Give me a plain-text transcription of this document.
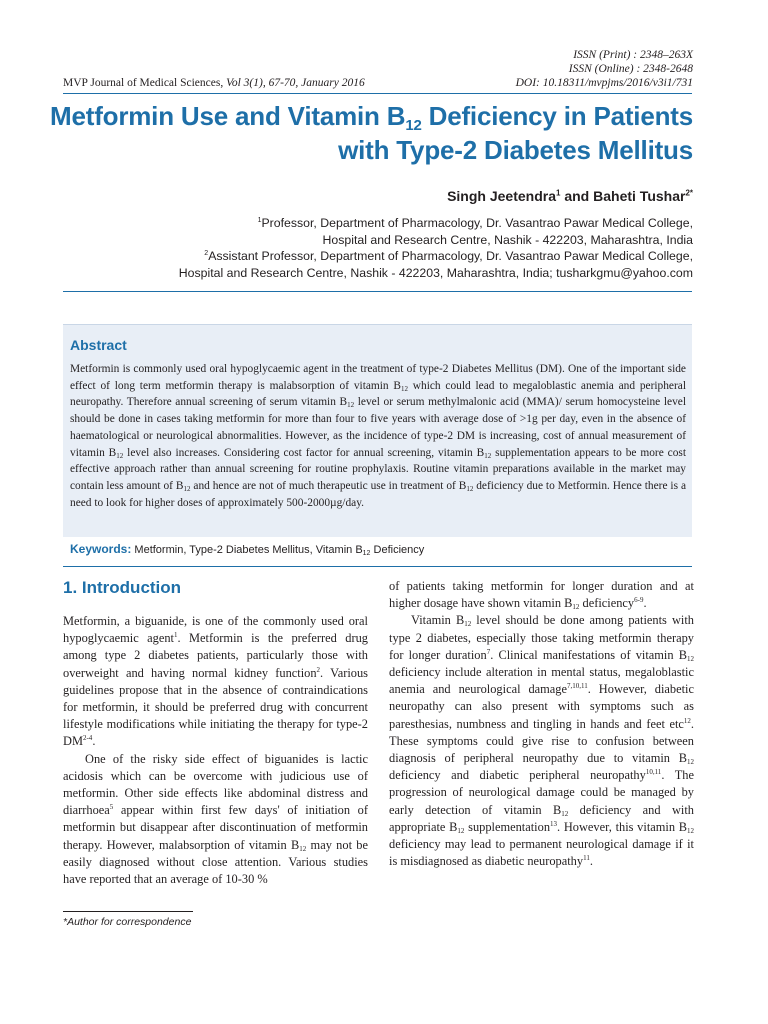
ISSN (Print) : 2348–263X
ISSN (Online) : 2348-2648
DOI: 10.18311/mvpjms/2016/v3i1/731
MVP Journal of Medical Sciences, Vol 3(1), 67-70, January 2016
Metformin Use and Vitamin $B_{12}$ Deficiency in Patients
with Type-2 Diabetes Mellitus
Singh Jeetendra$^1$ and Baheti Tushar$^{2*}$
$^1$Professor, Department of Pharmacology, Dr. Vasantrao Pawar Medical College,
Hospital and Research Centre, Nashik - 422203, Maharashtra, India
$^2$Assistant Professor, Department of Pharmacology, Dr. Vasantrao Pawar Medical College,
Hospital and Research Centre, Nashik - 422203, Maharashtra, India; tusharkgmu@yahoo.com
Abstract
Metformin is commonly used oral hypoglycaemic agent in the treatment of type-2 Diabetes Mellitus (DM). One of the important side effect of long term metformin therapy is malabsorption of vitamin $B_{12}$ which could lead to megaloblastic anemia and peripheral neuropathy. Therefore annual screening of serum vitamin $B_{12}$ level or serum methylmalonic acid (MMA)/ serum homocysteine level should be done in cases taking metformin for more than four to five years with average dose of >1g per day, even in the absence of haematological or neurological abnormalities. However, as the incidence of type-2 DM is increasing, cost of annual measurement of vitamin $B_{12}$ level also increases. Considering cost factor for annual screening, vitamin $B_{12}$ supplementation appears to be more cost effective approach rather than annual screening for routine prophylaxis. Routine vitamin preparations available in the market may contain less amount of $B_{12}$ and hence are not of much therapeutic use in treatment of $B_{12}$ deficiency due to Metformin. Hence there is a need to look for higher doses of approximately 500-2000µg/day.
Keywords: Metformin, Type-2 Diabetes Mellitus, Vitamin $B_{12}$ Deficiency
1. Introduction

Metformin, a biguanide, is one of the commonly used oral hypoglycaemic agent$^1$. Metformin is the preferred drug among type 2 diabetes patients, particularly those with overweight and having normal kidney function$^2$. Various guidelines propose that in the absence of contraindications for metformin, it should be preferred drug with concurrent lifestyle modifications while initiating the therapy for type-2 DM$^{2-4}$.

One of the risky side effect of biguanides is lactic acidosis which can be overcome with judicious use of metformin. Other side effects like abdominal distress and diarrhoea$^5$ appear within first few days' of initiation of metformin but disappear after discontinuation of metformin therapy. However, malabsorption of vitamin $B_{12}$ may not be easily diagnosed without close attention. Various studies have reported that an average of 10-30 %

of patients taking metformin for longer duration and at higher dosage have shown vitamin $B_{12}$ deficiency$^{6-9}$.

Vitamin $B_{12}$ level should be done among patients with type 2 diabetes, especially those taking metformin therapy for longer duration$^7$. Clinical manifestations of vitamin $B_{12}$ deficiency include alteration in mental status, megaloblastic anemia and neurological damage$^{7,10,11}$. However, diabetic neuropathy can also present with symptoms such as paresthesias, numbness and tingling in hands and feet etc$^{12}$. These symptoms could give rise to confusion between diagnosis of peripheral neuropathy due to vitamin $B_{12}$ deficiency and diabetic peripheral neuropathy$^{10,11}$. The progression of neurological damage could be managed by early detection of vitamin $B_{12}$ deficiency and with appropriate $B_{12}$ supplementation$^{13}$. However, this vitamin $B_{12}$ deficiency may lead to permanent neurological damage if it is misdiagnosed as diabetic neuropathy$^{11}$.

*Author for correspondence
